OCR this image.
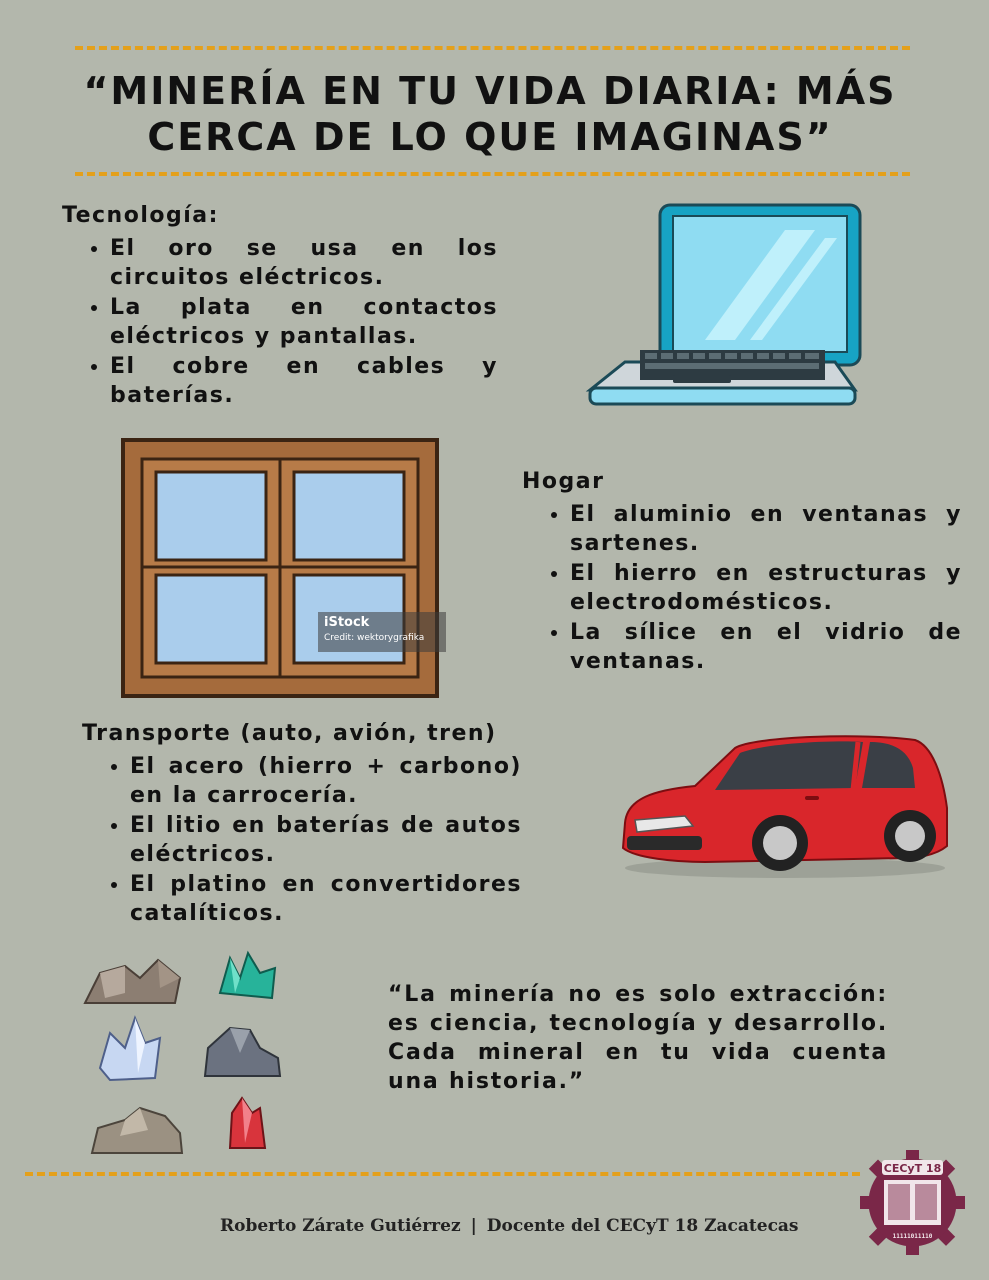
“MINERÍA EN TU VIDA DIARIA: MÁS CERCA DE LO QUE IMAGINAS”
Tecnología:
• El oro se usa en los circuitos eléctricos.
• La plata en contactos eléctricos y pantallas.
• El cobre en cables y baterías.
iStock
Credit: wektorygrafika
Hogar
• El aluminio en ventanas y sartenes.
• El hierro en estructuras y electrodomésticos.
• La sílice en el vidrio de ventanas.
Transporte (auto, avión, tren)
• El acero (hierro + carbono) en la carrocería.
• El litio en baterías de autos eléctricos.
• El platino en convertidores catalíticos.
“La minería no es solo extracción: es ciencia, tecnología y desarrollo. Cada mineral en tu vida cuenta una historia.”
Roberto Zárate Gutiérrez | Docente del CECyT 18 Zacatecas
CECyT 18
11111011110
